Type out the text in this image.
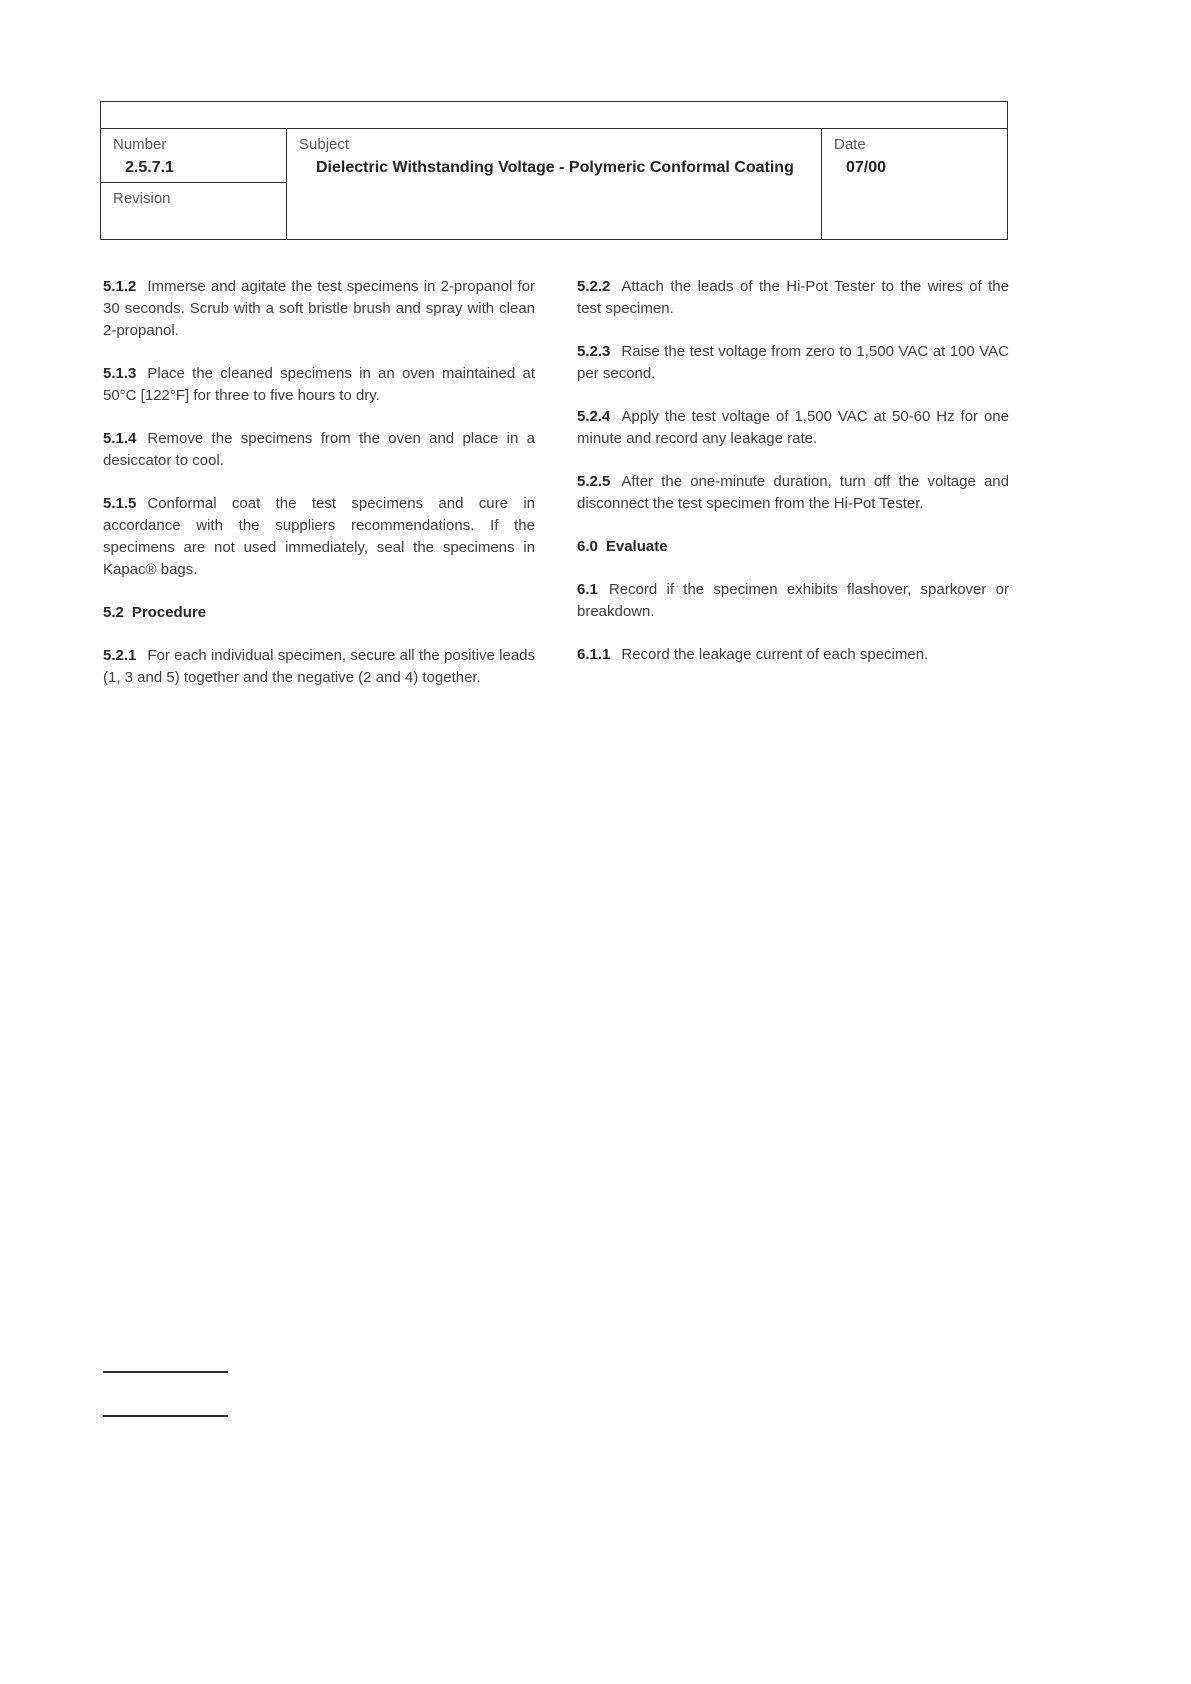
Number
2.5.7.1
Subject
Dielectric Withstanding Voltage - Polymeric Conformal Coating
Date
07/00
Revision

5.1.2 Immerse and agitate the test specimens in 2-propanol for 30 seconds. Scrub with a soft bristle brush and spray with clean 2-propanol.

5.1.3 Place the cleaned specimens in an oven maintained at 50°C [122°F] for three to five hours to dry.

5.1.4 Remove the specimens from the oven and place in a desiccator to cool.

5.1.5 Conformal coat the test specimens and cure in accordance with the suppliers recommendations. If the specimens are not used immediately, seal the specimens in Kapac® bags.

5.2 Procedure

5.2.1 For each individual specimen, secure all the positive leads (1, 3 and 5) together and the negative (2 and 4) together.

5.2.2 Attach the leads of the Hi-Pot Tester to the wires of the test specimen.

5.2.3 Raise the test voltage from zero to 1,500 VAC at 100 VAC per second.

5.2.4 Apply the test voltage of 1,500 VAC at 50-60 Hz for one minute and record any leakage rate.

5.2.5 After the one-minute duration, turn off the voltage and disconnect the test specimen from the Hi-Pot Tester.

6.0 Evaluate

6.1 Record if the specimen exhibits flashover, sparkover or breakdown.

6.1.1 Record the leakage current of each specimen.
